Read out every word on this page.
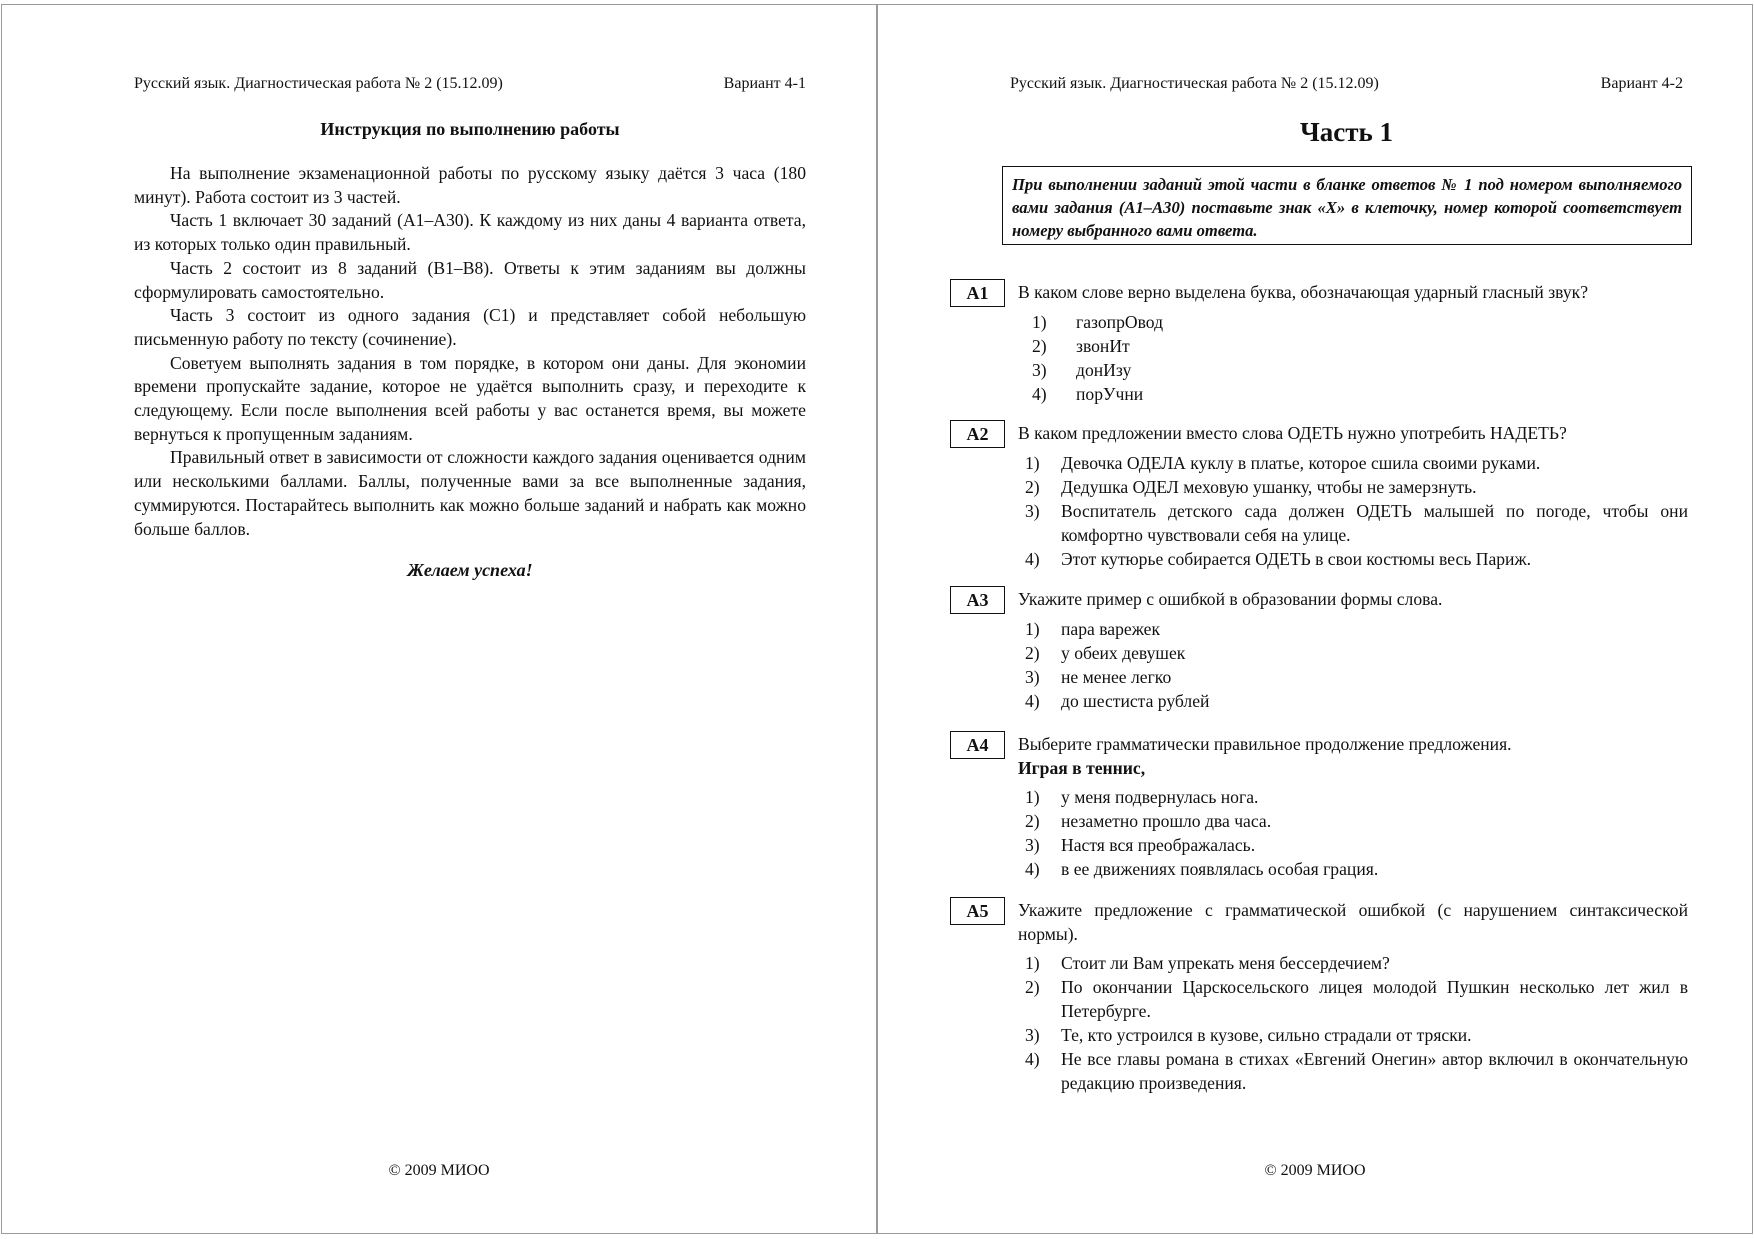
Русский язык. Диагностическая работа № 2 (15.12.09)	Вариант 4-1
Инструкция по выполнению работы

На выполнение экзаменационной работы по русскому языку даётся 3 часа (180 минут). Работа состоит из 3 частей.

Часть 1 включает 30 заданий (А1–А30). К каждому из них даны 4 варианта ответа, из которых только один правильный.

Часть 2 состоит из 8 заданий (В1–В8). Ответы к этим заданиям вы должны сформулировать самостоятельно.

Часть 3 состоит из одного задания (С1) и представляет собой небольшую письменную работу по тексту (сочинение).

Советуем выполнять задания в том порядке, в котором они даны. Для экономии времени пропускайте задание, которое не удаётся выполнить сразу, и переходите к следующему. Если после выполнения всей работы у вас останется время, вы можете вернуться к пропущенным заданиям.

Правильный ответ в зависимости от сложности каждого задания оценивается одним или несколькими баллами. Баллы, полученные вами за все выполненные задания, суммируются. Постарайтесь выполнить как можно больше заданий и набрать как можно больше баллов.

Желаем успеха!
© 2009 МИОО
Русский язык. Диагностическая работа № 2 (15.12.09)	Вариант 4-2
Часть 1
При выполнении заданий этой части в бланке ответов № 1 под номером выполняемого вами задания (А1–А30) поставьте знак «X» в клеточку, номер которой соответствует номеру выбранного вами ответа.
А1	В каком слове верно выделена буква, обозначающая ударный гласный звук?
1)	газопрОвод
2)	звонИт
3)	донИзу
4)	порУчни
А2	В каком предложении вместо слова ОДЕТЬ нужно употребить НАДЕТЬ?
1)	Девочка ОДЕЛА куклу в платье, которое сшила своими руками.
2)	Дедушка ОДЕЛ меховую ушанку, чтобы не замерзнуть.
3)	Воспитатель детского сада должен ОДЕТЬ малышей по погоде, чтобы они комфортно чувствовали себя на улице.
4)	Этот кутюрье собирается ОДЕТЬ в свои костюмы весь Париж.
А3	Укажите пример с ошибкой в образовании формы слова.
1)	пара варежек
2)	у обеих девушек
3)	не менее легко
4)	до шестиста рублей
А4	Выберите грамматически правильное продолжение предложения.
Играя в теннис,
1)	у меня подвернулась нога.
2)	незаметно прошло два часа.
3)	Настя вся преображалась.
4)	в ее движениях появлялась особая грация.
А5	Укажите предложение с грамматической ошибкой (с нарушением синтаксической нормы).
1)	Стоит ли Вам упрекать меня бессердечием?
2)	По окончании Царскосельского лицея молодой Пушкин несколько лет жил в Петербурге.
3)	Те, кто устроился в кузове, сильно страдали от тряски.
4)	Не все главы романа в стихах «Евгений Онегин» автор включил в окончательную редакцию произведения.
© 2009 МИОО
